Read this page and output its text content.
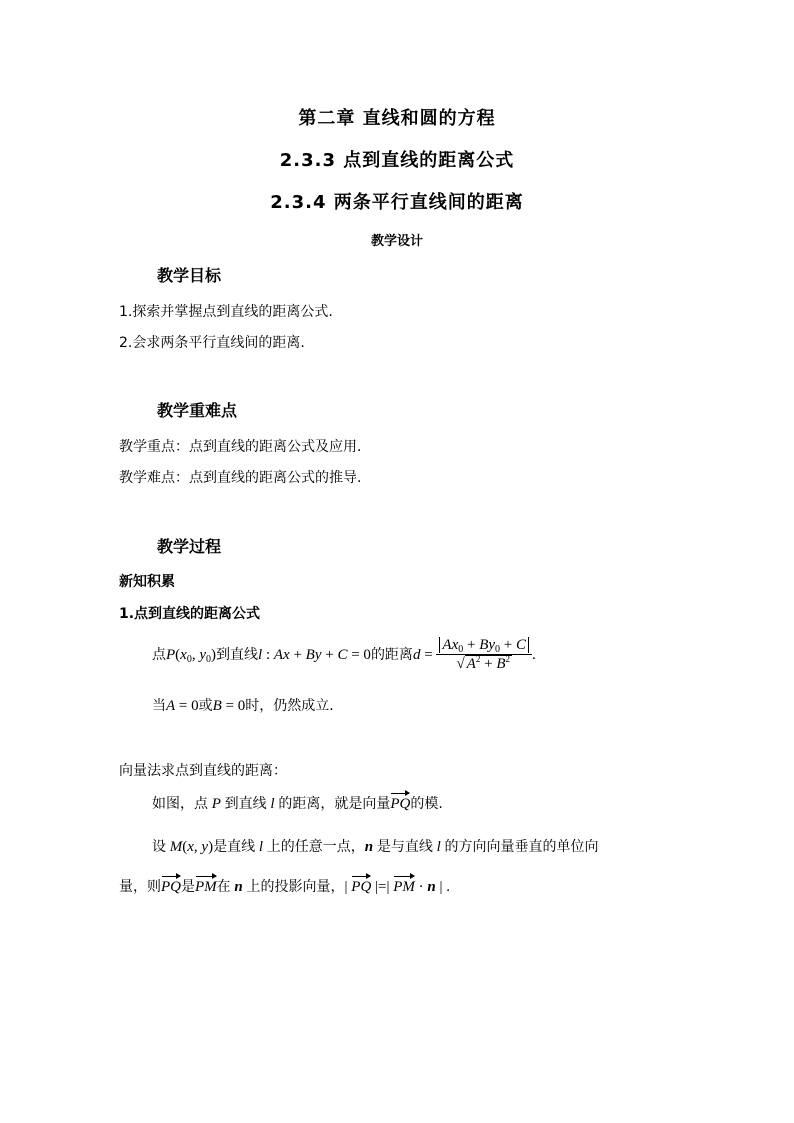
第二章 直线和圆的方程
2.3.3 点到直线的距离公式
2.3.4 两条平行直线间的距离
教学设计
教学目标
1.探索并掌握点到直线的距离公式.
2.会求两条平行直线间的距离.
教学重难点
教学重点：点到直线的距离公式及应用.
教学难点：点到直线的距离公式的推导.
教学过程
新知积累
1.点到直线的距离公式
点$P(x_0$, $y_0$)到直线l : Ax + By + C = 0的距离$d = \frac{Ax_0 + By_0 + C}{√ A^2 + B^2}$ .
当A = 0或B = 0时，仍然成立.
向量法求点到直线的距离：
如图，点 P 到直线 l 的距离，就是向量PQ的模.
设 M(x, y)是直线 l 上的任意一点，n 是与直线 l 的方向向量垂直的单位向
量，则PQ是PM在 n 上的投影向量，| PQ |=| PM · n | .
